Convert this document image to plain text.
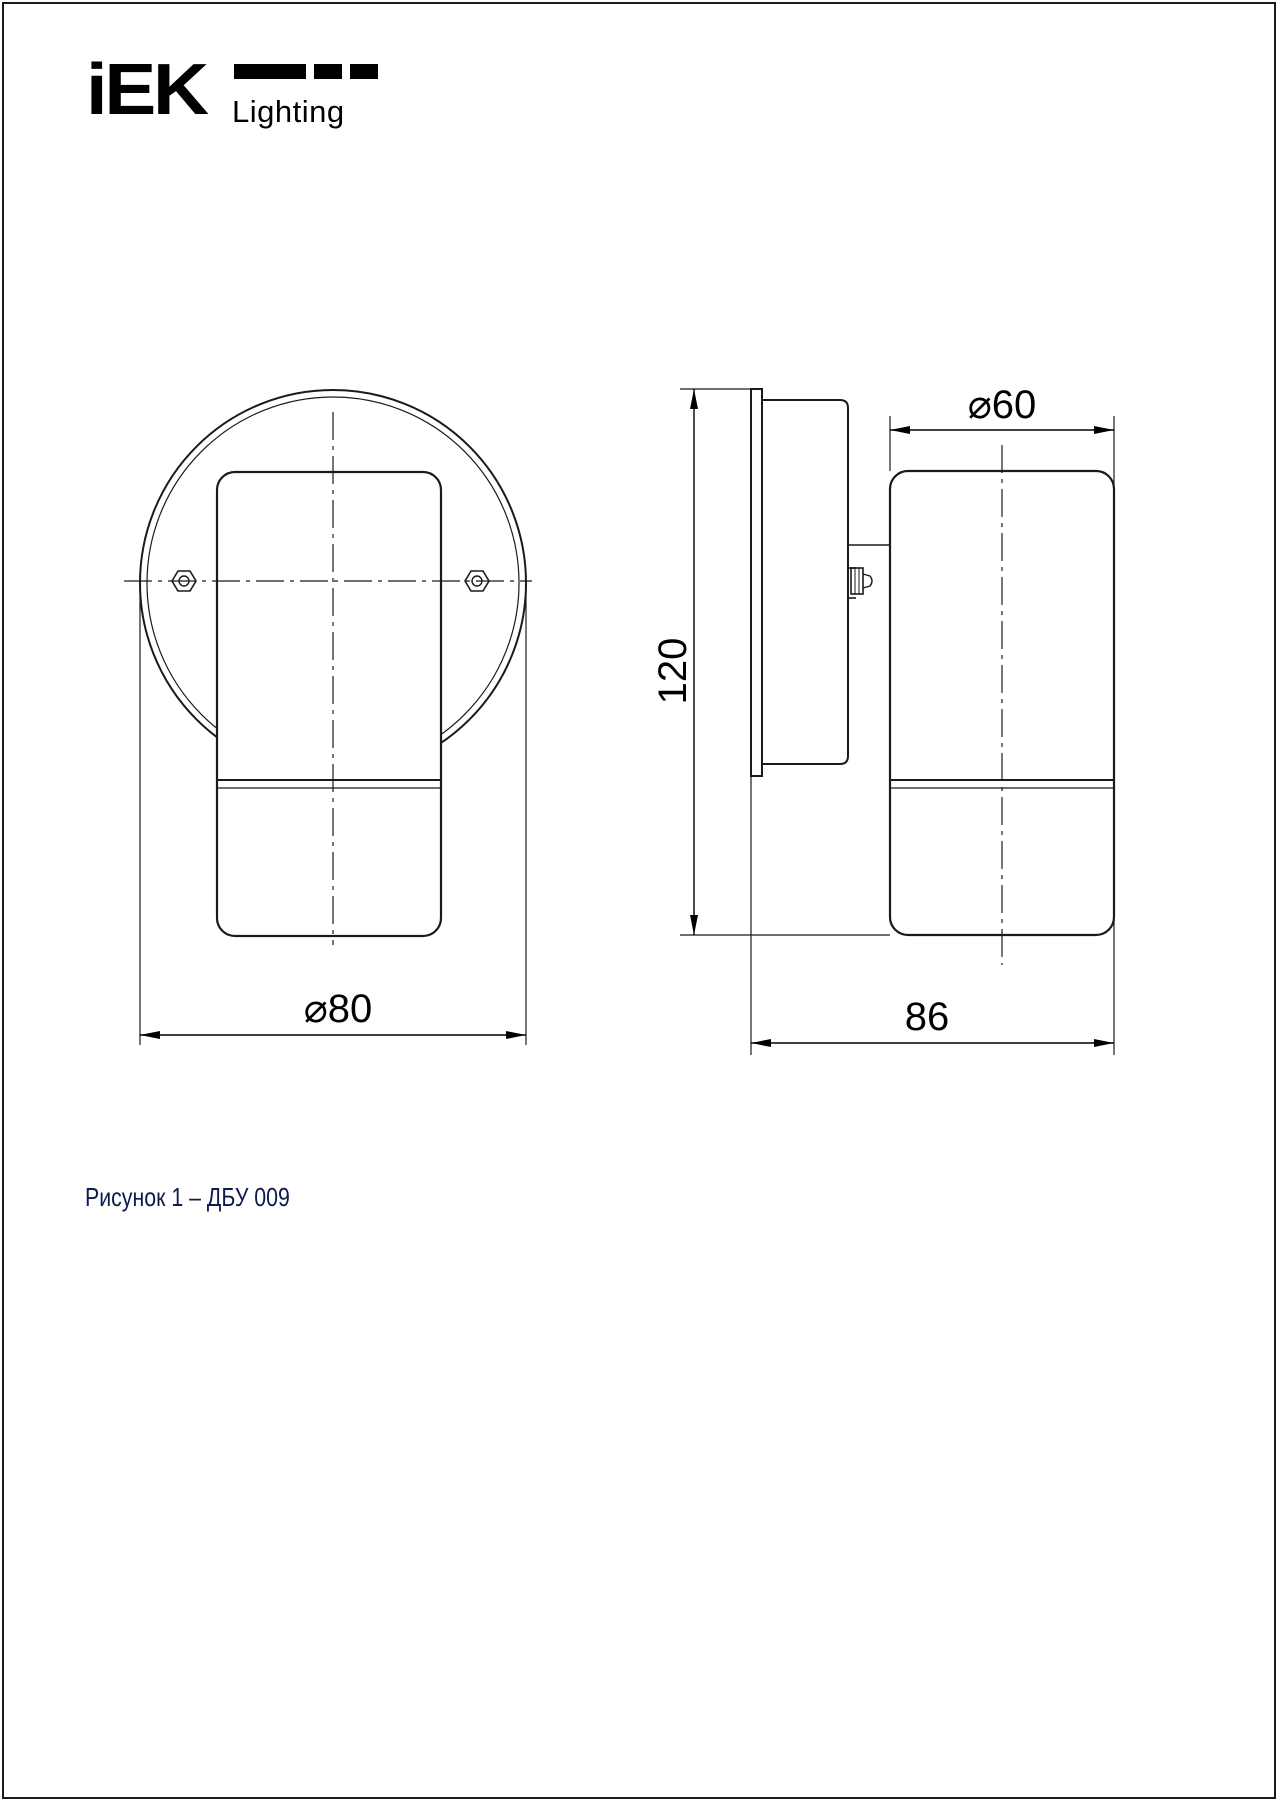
iEK Lighting
⌀80
⌀60
120
86
Рисунок 1 – ДБУ 009
